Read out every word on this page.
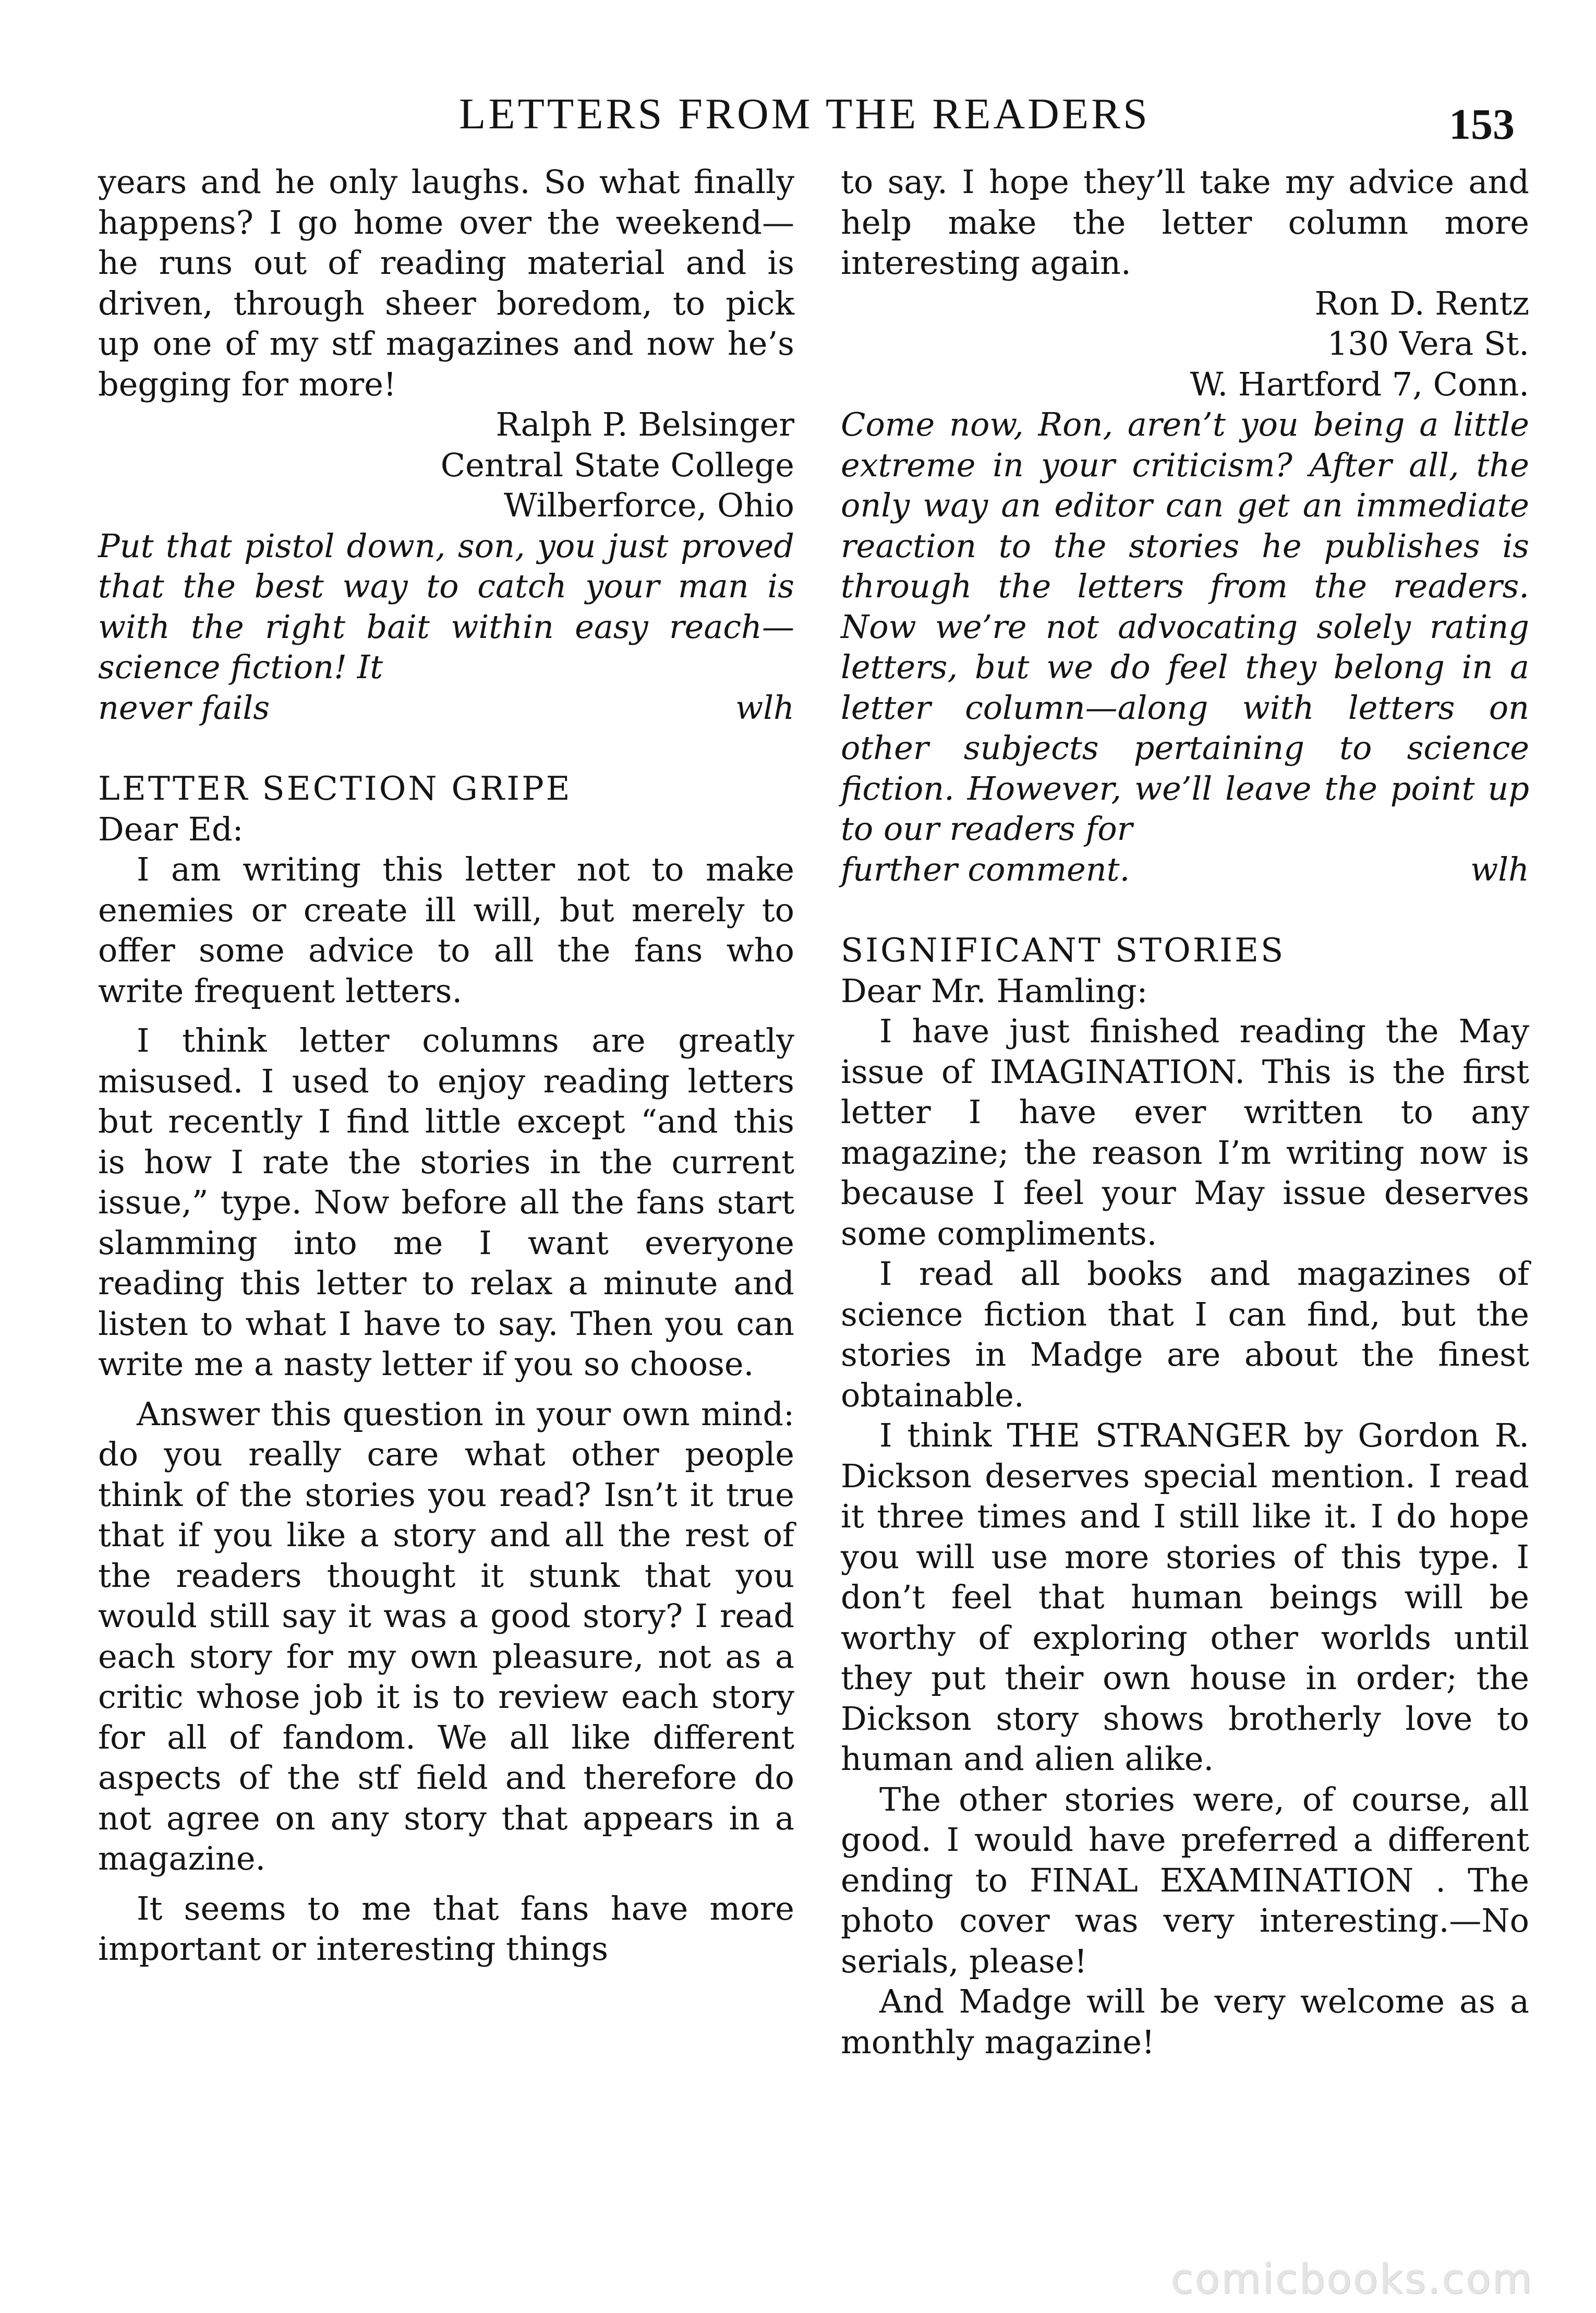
LETTERS FROM THE READERS	153

years and he only laughs. So what finally happens? I go home over the weekend—he runs out of reading material and is driven, through sheer boredom, to pick up one of my stf magazines and now he’s begging for more!

Ralph P. Belsinger
Central State College
Wilberforce, Ohio

Put that pistol down, son, you just proved that the best way to catch your man is with the right bait within easy reach—science fiction! It

never fails	wlh
LETTER SECTION GRIPE

Dear Ed:

I am writing this letter not to make enemies or create ill will, but merely to offer some advice to all the fans who write frequent letters.

I think letter columns are greatly misused. I used to enjoy reading letters but recently I find little except “and this is how I rate the stories in the current issue,” type. Now before all the fans start slamming into me I want everyone reading this letter to relax a minute and listen to what I have to say. Then you can write me a nasty letter if you so choose.

Answer this question in your own mind: do you really care what other people think of the stories you read? Isn’t it true that if you like a story and all the rest of the readers thought it stunk that you would still say it was a good story? I read each story for my own pleasure, not as a critic whose job it is to review each story for all of fandom. We all like different aspects of the stf field and therefore do not agree on any story that appears in a magazine.

It seems to me that fans have more important or interesting things

to say. I hope they’ll take my advice and help make the letter column more interesting again.

Ron D. Rentz
130 Vera St.
W. Hartford 7, Conn.

Come now, Ron, aren’t you being a little extreme in your criticism? After all, the only way an editor can get an immediate reaction to the stories he publishes is through the letters from the readers. Now we’re not advocating solely rating letters, but we do feel they belong in a letter column—along with letters on other subjects pertaining to science fiction. However, we’ll leave the point up to our readers for

further comment.	wlh
SIGNIFICANT STORIES

Dear Mr. Hamling:

I have just finished reading the May issue of IMAGINATION. This is the first letter I have ever written to any magazine; the reason I’m writing now is because I feel your May issue deserves some compliments.

I read all books and magazines of science fiction that I can find, but the stories in Madge are about the finest obtainable.

I think THE STRANGER by Gordon R. Dickson deserves special mention. I read it three times and I still like it. I do hope you will use more stories of this type. I don’t feel that human beings will be worthy of exploring other worlds until they put their own house in order; the Dickson story shows brotherly love to human and alien alike.

The other stories were, of course, all good. I would have preferred a different ending to FINAL EXAMINATION . The photo cover was very interesting.—No serials, please!

And Madge will be very welcome as a monthly magazine!

comicbooks.com
